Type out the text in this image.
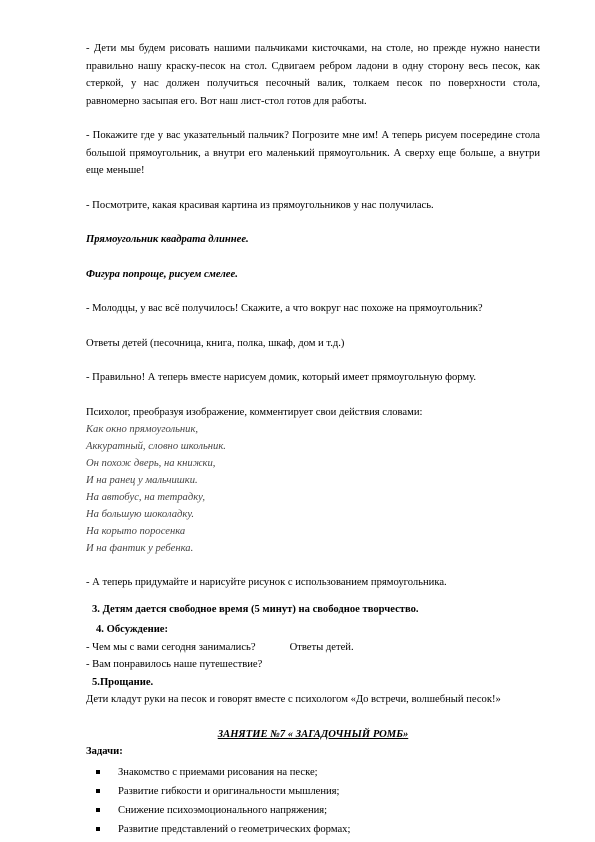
- Дети мы будем рисовать нашими пальчиками кисточками, на столе, но прежде нужно нанести правильно нашу краску-песок на стол. Сдвигаем ребром ладони в одну сторону весь песок, как стеркой, у нас должен получиться песочный валик, толкаем песок по поверхности стола, равномерно засыпая его. Вот наш лист-стол готов для работы.

- Покажите где у вас указательный пальчик? Погрозите мне им! А теперь рисуем посередине стола большой прямоугольник, а внутри его маленький прямоугольник. А сверху еще больше, а внутри еще меньше!

- Посмотрите, какая красивая картина из прямоугольников у нас получилась.

Прямоугольник квадрата длиннее.

Фигура попроще, рисуем смелее.

- Молодцы, у вас всё получилось! Скажите, а что вокруг нас похоже на прямоугольник?

Ответы детей (песочница, книга, полка, шкаф, дом и т.д.)

- Правильно! А теперь вместе нарисуем домик, который имеет прямоугольную форму.

Психолог, преобразуя изображение, комментирует свои действия словами:

Как окно прямоугольник,

Аккуратный, словно школьник.

Он похож дверь, на книжки,

И на ранец у мальчишки.

На автобус, на тетрадку,

На большую шоколадку.

На корыто поросенка

И на фантик у ребенка.

- А теперь придумайте и нарисуйте рисунок с использованием прямоугольника.

3. Детям дается свободное время (5 минут) на свободное творчество.

4. Обсуждение:

- Чем мы с вами сегодня занимались?	Ответы детей.

- Вам понравилось наше путешествие?

5.Прощание.

Дети кладут руки на песок и говорят вместе с психологом «До встречи, волшебный песок!»

ЗАНЯТИЕ №7 « ЗАГАДОЧНЫЙ РОМБ»

Задачи:

Знакомство с приемами рисования на песке;
Развитие гибкости и оригинальности мышления;
Снижение психоэмоционального напряжения;
Развитие представлений о геометрических формах;
